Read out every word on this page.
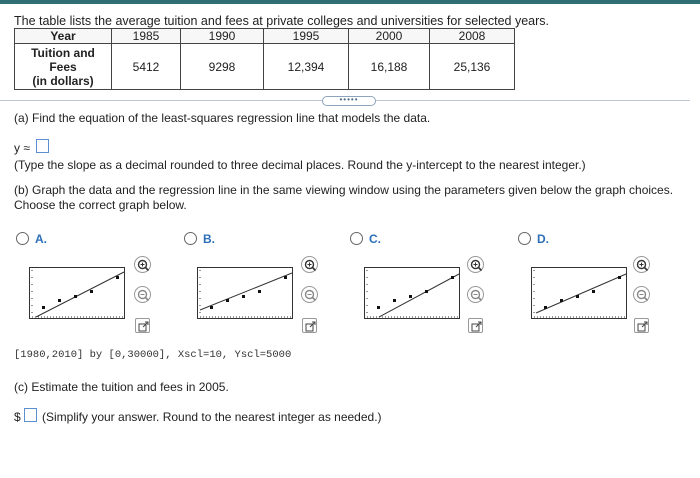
The table lists the average tuition and fees at private colleges and universities for selected years.
Year	1985	1990	1995	2000	2008

Tuition and
Fees
(in dollars)	5412	9298	12,394	16,188	25,136
•••••
(a) Find the equation of the least-squares regression line that models the data.
y ≈
(Type the slope as a decimal rounded to three decimal places. Round the y-intercept to the nearest integer.)
(b) Graph the data and the regression line in the same viewing window using the parameters given below the graph choices. Choose the correct graph below.
A.	B.	C.	D.
[1980,2010] by [0,30000], Xscl=10, Yscl=5000
(c) Estimate the tuition and fees in 2005.
$ (Simplify your answer. Round to the nearest integer as needed.)
